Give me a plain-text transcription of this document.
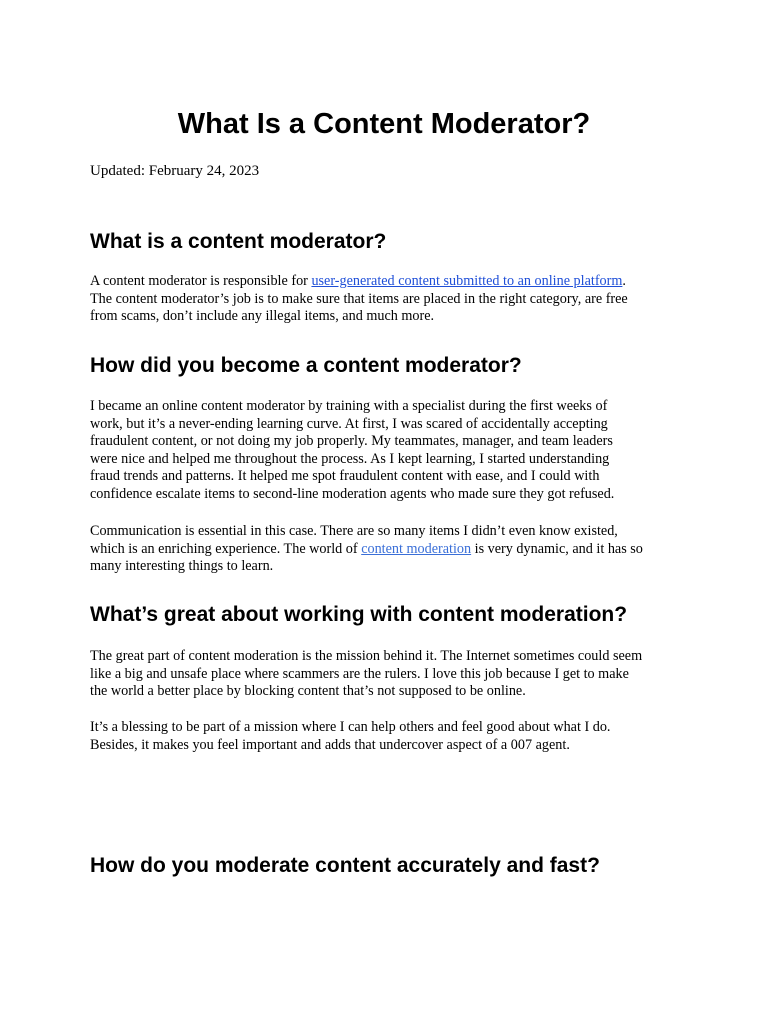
What Is a Content Moderator?

Updated: February 24, 2023

What is a content moderator?
A content moderator is responsible for user-generated content submitted to an online platform.
The content moderator’s job is to make sure that items are placed in the right category, are free
from scams, don’t include any illegal items, and much more.
How did you become a content moderator?
I became an online content moderator by training with a specialist during the first weeks of
work, but it’s a never-ending learning curve. At first, I was scared of accidentally accepting
fraudulent content, or not doing my job properly. My teammates, manager, and team leaders
were nice and helped me throughout the process. As I kept learning, I started understanding
fraud trends and patterns. It helped me spot fraudulent content with ease, and I could with
confidence escalate items to second-line moderation agents who made sure they got refused.
Communication is essential in this case. There are so many items I didn’t even know existed,
which is an enriching experience. The world of content moderation is very dynamic, and it has so
many interesting things to learn.
What’s great about working with content moderation?
The great part of content moderation is the mission behind it. The Internet sometimes could seem
like a big and unsafe place where scammers are the rulers. I love this job because I get to make
the world a better place by blocking content that’s not supposed to be online.
It’s a blessing to be part of a mission where I can help others and feel good about what I do.
Besides, it makes you feel important and adds that undercover aspect of a 007 agent.
How do you moderate content accurately and fast?
